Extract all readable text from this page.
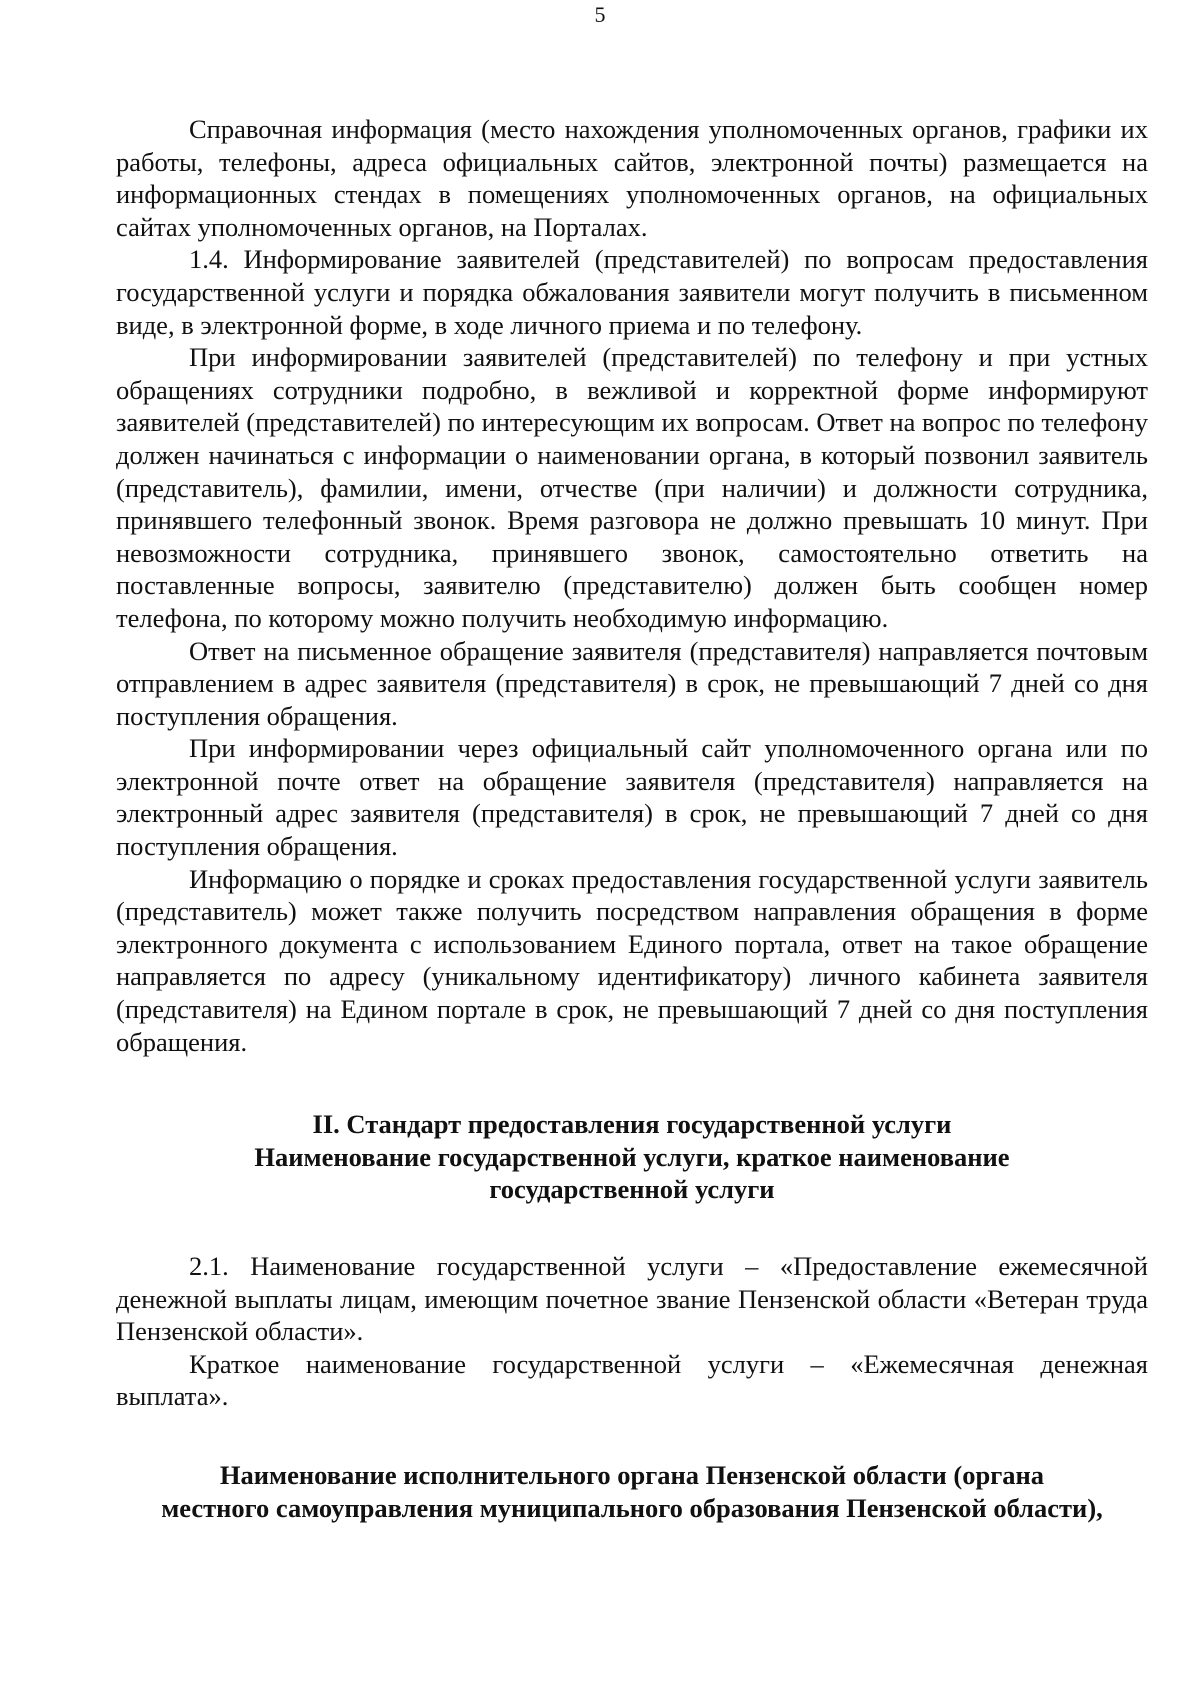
5

Справочная информация (место нахождения уполномоченных органов, графики их работы, телефоны, адреса официальных сайтов, электронной почты) размещается на информационных стендах в помещениях уполномоченных органов, на официальных сайтах уполномоченных органов, на Порталах.

1.4. Информирование заявителей (представителей) по вопросам предоставления государственной услуги и порядка обжалования заявители могут получить в письменном виде, в электронной форме, в ходе личного приема и по телефону.

При информировании заявителей (представителей) по телефону и при устных обращениях сотрудники подробно, в вежливой и корректной форме информируют заявителей (представителей) по интересующим их вопросам. Ответ на вопрос по телефону должен начинаться с информации о наименовании органа, в который позвонил заявитель (представитель), фамилии, имени, отчестве (при наличии) и должности сотрудника, принявшего телефонный звонок. Время разговора не должно превышать 10 минут. При невозможности сотрудника, принявшего звонок, самостоятельно ответить на поставленные вопросы, заявителю (представителю) должен быть сообщен номер телефона, по которому можно получить необходимую информацию.

Ответ на письменное обращение заявителя (представителя) направляется почтовым отправлением в адрес заявителя (представителя) в срок, не превышающий 7 дней со дня поступления обращения.

При информировании через официальный сайт уполномоченного органа или по электронной почте ответ на обращение заявителя (представителя) направляется на электронный адрес заявителя (представителя) в срок, не превышающий 7 дней со дня поступления обращения.

Информацию о порядке и сроках предоставления государственной услуги заявитель (представитель) может также получить посредством направления обращения в форме электронного документа с использованием Единого портала, ответ на такое обращение направляется по адресу (уникальному идентификатору) личного кабинета заявителя (представителя) на Едином портале в срок, не превышающий 7 дней со дня поступления обращения.

II. Стандарт предоставления государственной услуги
Наименование государственной услуги, краткое наименование
государственной услуги

2.1. Наименование государственной услуги – «Предоставление ежемесячной денежной выплаты лицам, имеющим почетное звание Пензенской области «Ветеран труда Пензенской области».

Краткое наименование государственной услуги – «Ежемесячная денежная выплата».

Наименование исполнительного органа Пензенской области (органа
местного самоуправления муниципального образования Пензенской области),
